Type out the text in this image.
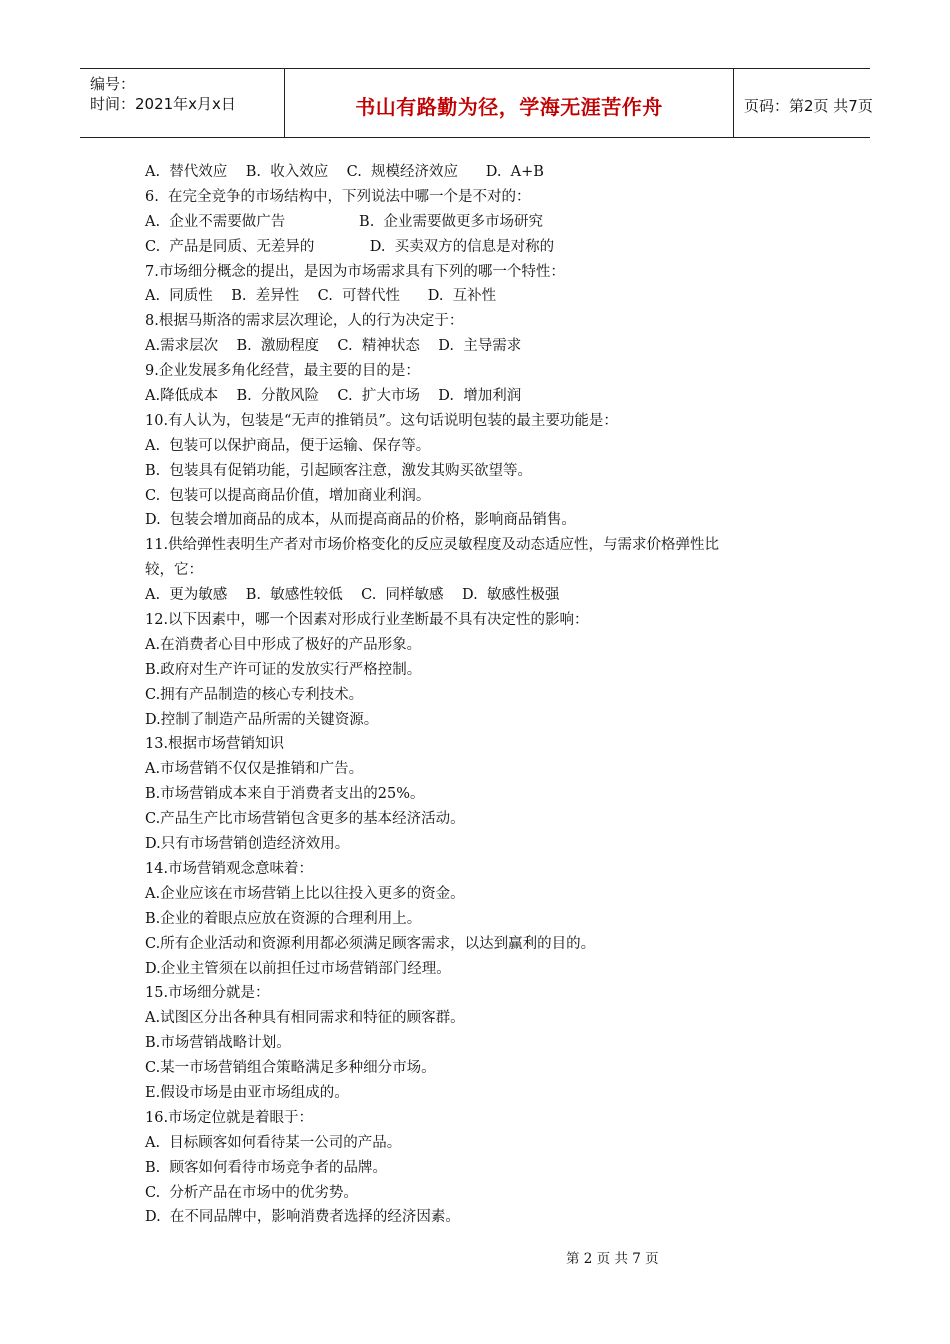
编号：
时间：2021年x月x日	书山有路勤为径，学海无涯苦作舟	页码：第2页 共7页
A.  替代效应    B.  收入效应    C.  规模经济效应      D.  A+B
6.  在完全竞争的市场结构中，下列说法中哪一个是不对的：
A.  企业不需要做广告                B.  企业需要做更多市场研究
C.  产品是同质、无差异的            D.  买卖双方的信息是对称的
7.市场细分概念的提出，是因为市场需求具有下列的哪一个特性：
A.  同质性    B.  差异性    C.  可替代性      D.  互补性
8.根据马斯洛的需求层次理论，人的行为决定于：
A.需求层次    B.  激励程度    C.  精神状态    D.  主导需求
9.企业发展多角化经营，最主要的目的是：
A.降低成本    B.  分散风险    C.  扩大市场    D.  增加利润
10.有人认为，包装是“无声的推销员”。这句话说明包装的最主要功能是：
A.  包装可以保护商品，便于运输、保存等。
B.  包装具有促销功能，引起顾客注意，激发其购买欲望等。
C.  包装可以提高商品价值，增加商业利润。
D.  包装会增加商品的成本，从而提高商品的价格，影响商品销售。
11.供给弹性表明生产者对市场价格变化的反应灵敏程度及动态适应性，与需求价格弹性比
较，它：
A.  更为敏感    B.  敏感性较低    C.  同样敏感    D.  敏感性极强
12.以下因素中，哪一个因素对形成行业垄断最不具有决定性的影响：
A.在消费者心目中形成了极好的产品形象。
B.政府对生产许可证的发放实行严格控制。
C.拥有产品制造的核心专利技术。
D.控制了制造产品所需的关键资源。
13.根据市场营销知识
A.市场营销不仅仅是推销和广告。
B.市场营销成本来自于消费者支出的25%。
C.产品生产比市场营销包含更多的基本经济活动。
D.只有市场营销创造经济效用。
14.市场营销观念意味着：
A.企业应该在市场营销上比以往投入更多的资金。
B.企业的着眼点应放在资源的合理利用上。
C.所有企业活动和资源利用都必须满足顾客需求，以达到赢利的目的。
D.企业主管须在以前担任过市场营销部门经理。
15.市场细分就是：
A.试图区分出各种具有相同需求和特征的顾客群。
B.市场营销战略计划。
C.某一市场营销组合策略满足多种细分市场。
E.假设市场是由亚市场组成的。
16.市场定位就是着眼于：
A.  目标顾客如何看待某一公司的产品。
B.  顾客如何看待市场竞争者的品牌。
C.  分析产品在市场中的优劣势。
D.  在不同品牌中，影响消费者选择的经济因素。
第 2 页 共 7 页
